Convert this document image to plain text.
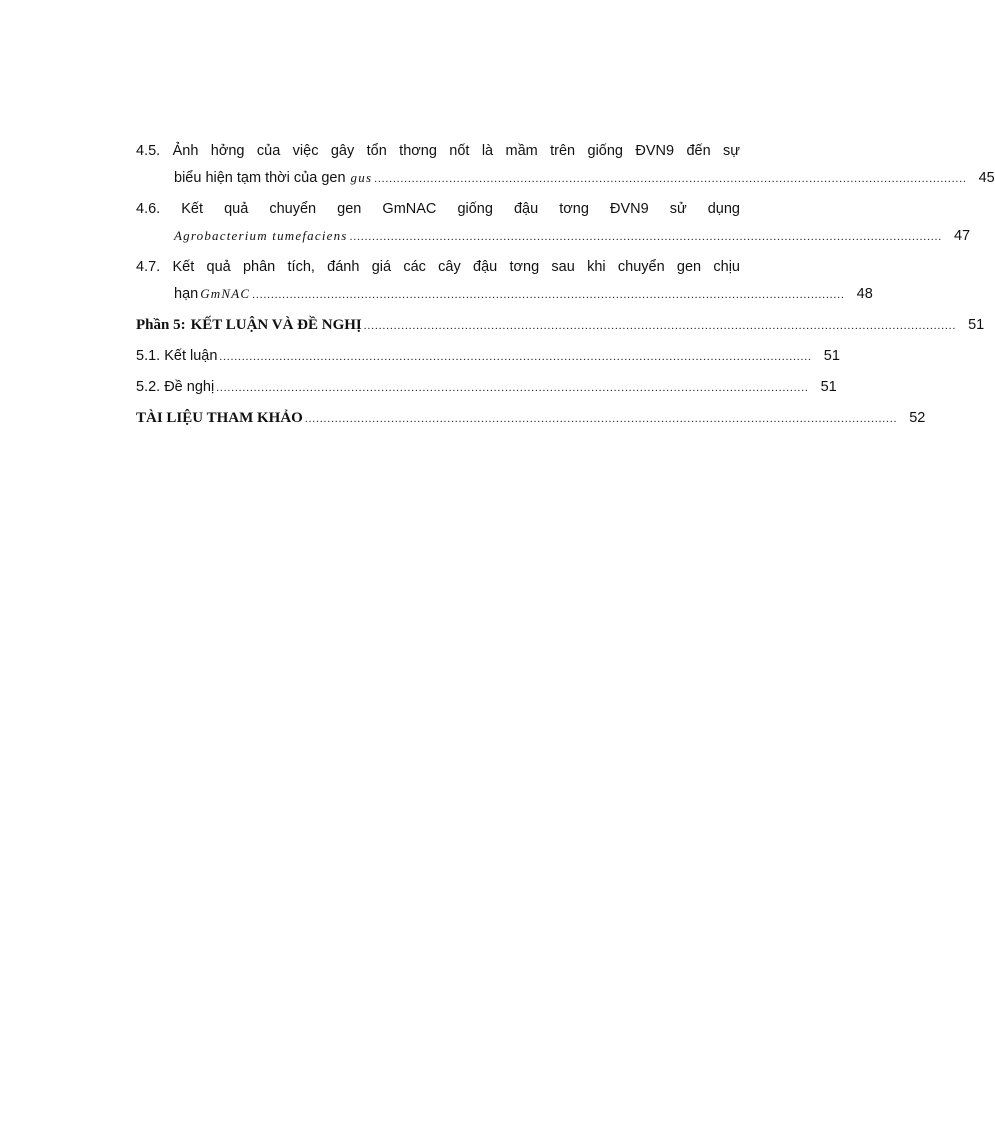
4.5. Ảnh hởng của việc gây tổn thơng nốt là mầm trên giống ĐVN9 đến sự
biểu hiện tạm thời của gen gus .............................................................................................................................................................. 45
4.6. Kết quả chuyển gen GmNAC giống đậu tơng ĐVN9 sử dụng
Agrobacterium tumefaciens .............................................................................................................................................................. 47
4.7. Kết quả phân tích, đánh giá các cây đậu tơng sau khi chuyển gen chịu
hạn GmNAC .............................................................................................................................................................. 48
Phần 5: KẾT LUẬN VÀ ĐỀ NGHỊ .............................................................................................................................................................. 51
5.1. Kết luận .............................................................................................................................................................. 51
5.2. Đề nghị .............................................................................................................................................................. 51
TÀI LIỆU THAM KHẢO .............................................................................................................................................................. 52
